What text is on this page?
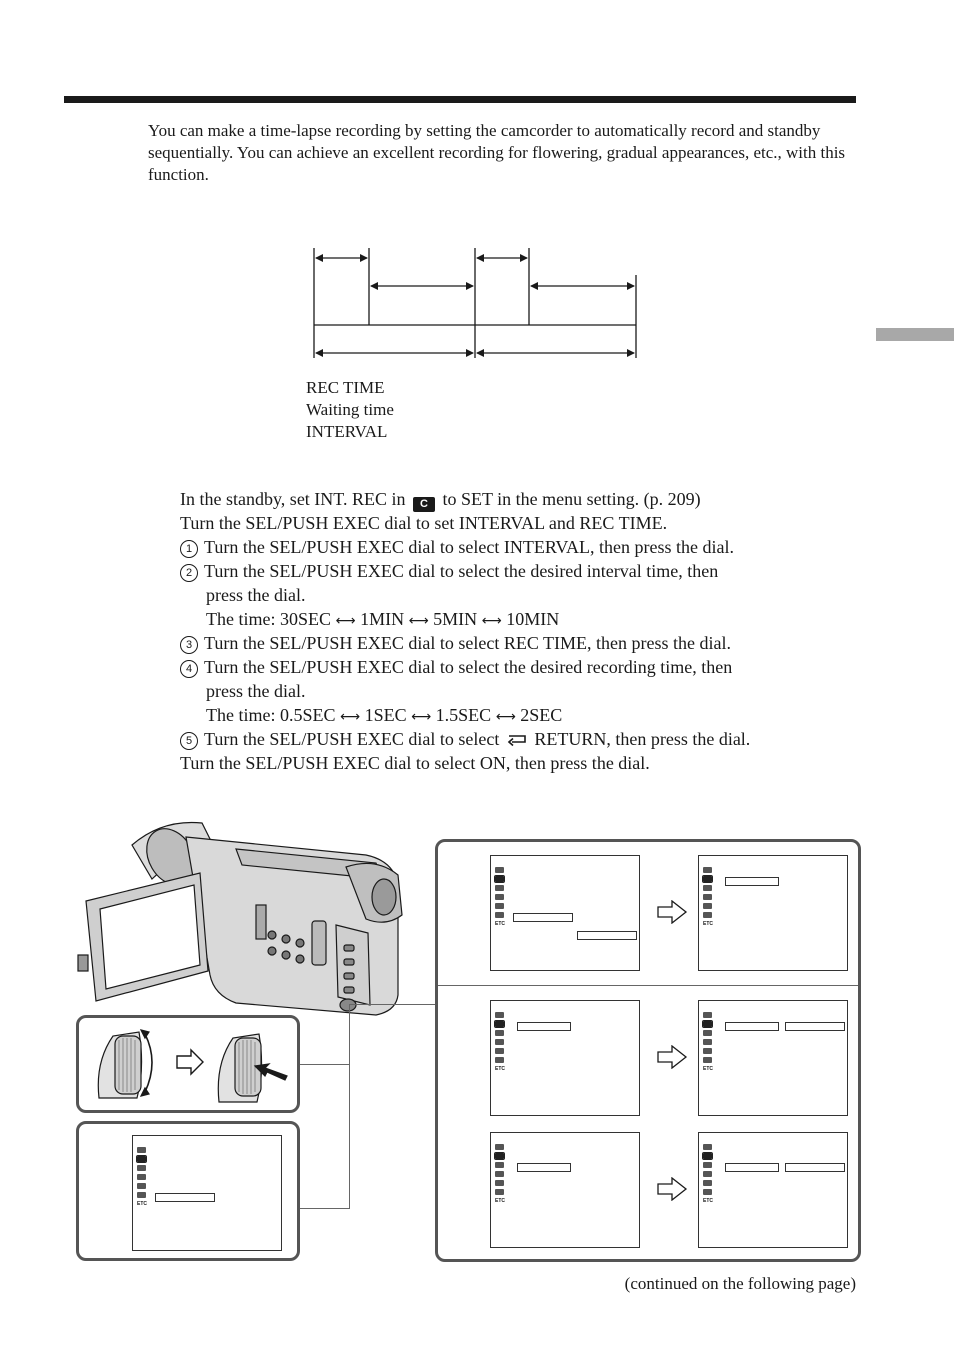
You can make a time-lapse recording by setting the camcorder to automatically record and standby sequentially. You can achieve an excellent recording for flowering, gradual appearances, etc., with this function.
REC TIME
Waiting time
INTERVAL
In the standby, set INT. REC in C to SET in the menu setting. (p. 209)
Turn the SEL/PUSH EXEC dial to set INTERVAL and REC TIME.
1 Turn the SEL/PUSH EXEC dial to select INTERVAL, then press the dial.
2 Turn the SEL/PUSH EXEC dial to select the desired interval time, then
press the dial.
The time: 30SEC ⟷ 1MIN ⟷ 5MIN ⟷ 10MIN
3 Turn the SEL/PUSH EXEC dial to select REC TIME, then press the dial.
4 Turn the SEL/PUSH EXEC dial to select the desired recording time, then
press the dial.
The time: 0.5SEC ⟷ 1SEC ⟷ 1.5SEC ⟷ 2SEC
5 Turn the SEL/PUSH EXEC dial to select RETURN, then press the dial.
Turn the SEL/PUSH EXEC dial to select ON, then press the dial.
ETC
ETC	ETC
ETC	ETC
ETC	ETC
(continued on the following page)
